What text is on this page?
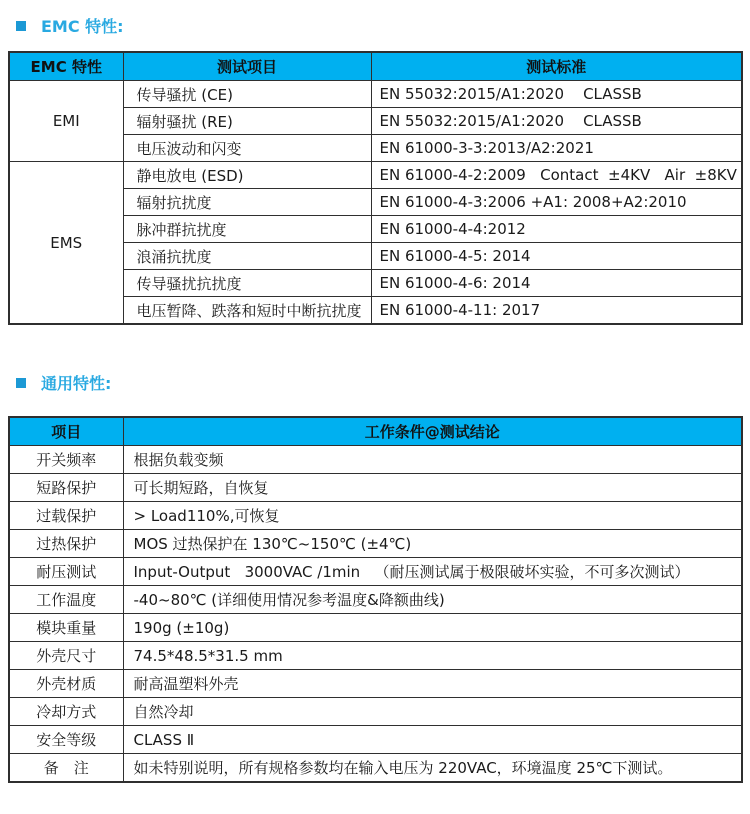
EMC 特性:
EMC 特性	测试项目	测试标准
EMI	传导骚扰 (CE)	EN 55032:2015/A1:2020    CLASSB
	辐射骚扰 (RE)	EN 55032:2015/A1:2020    CLASSB
	电压波动和闪变	EN 61000-3-3:2013/A2:2021
EMS	静电放电 (ESD)	EN 61000-4-2:2009   Contact  ±4KV   Air  ±8KV
	辐射抗扰度	EN 61000-4-3:2006 +A1: 2008+A2:2010
	脉冲群抗扰度	EN 61000-4-4:2012
	浪涌抗扰度	EN 61000-4-5: 2014
	传导骚扰抗扰度	EN 61000-4-6: 2014
	电压暂降、跌落和短时中断抗扰度	EN 61000-4-11: 2017
通用特性:
项目	工作条件@测试结论
开关频率	根据负载变频
短路保护	可长期短路，自恢复
过载保护	> Load110%,可恢复
过热保护	MOS 过热保护在 130℃~150℃ (±4℃)
耐压测试	Input-Output   3000VAC /1min   （耐压测试属于极限破坏实验，不可多次测试）
工作温度	-40~80℃ (详细使用情况参考温度&降额曲线)
模块重量	190g (±10g)
外壳尺寸	74.5*48.5*31.5 mm
外壳材质	耐高温塑料外壳
冷却方式	自然冷却
安全等级	CLASS Ⅱ
备　注	如未特别说明，所有规格参数均在输入电压为 220VAC，环境温度 25℃下测试。
